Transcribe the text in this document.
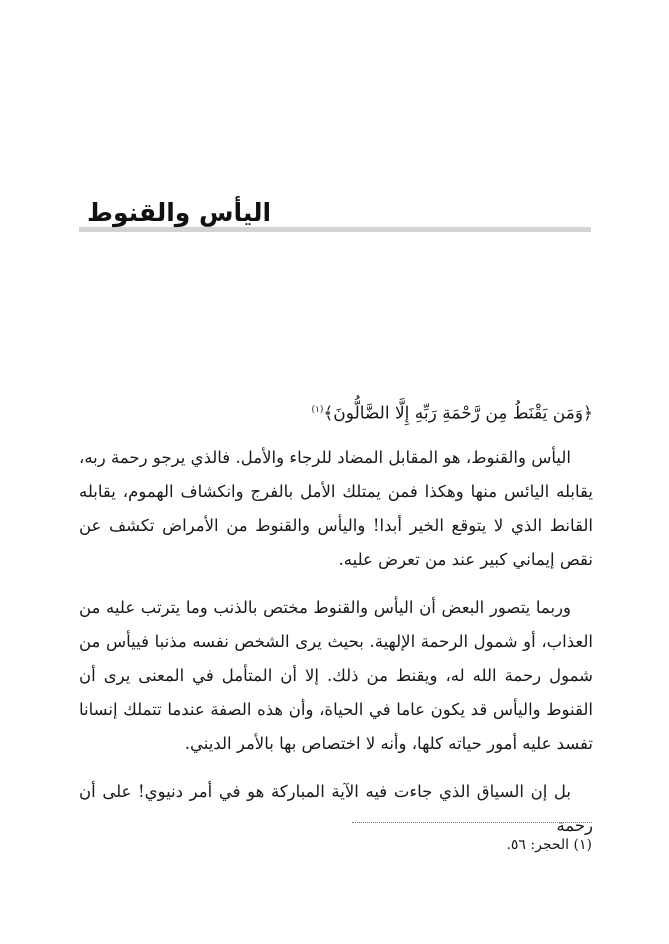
اليأس والقنوط
﴿وَمَن يَقْنَطُ مِن رَّحْمَةِ رَبِّهِ إِلَّا الضَّالُّونَ﴾$^{(١)}$

اليأس والقنوط، هو المقابل المضاد للرجاء والأمل. فالذي يرجو رحمة ربه، يقابله اليائس منها وهكذا فمن يمتلك الأمل بالفرج وانكشاف الهموم، يقابله القانط الذي لا يتوقع الخير أبدا! واليأس والقنوط من الأمراض تكشف عن نقص إيماني كبير عند من تعرض عليه.

وربما يتصور البعض أن اليأس والقنوط مختص بالذنب وما يترتب عليه من العذاب، أو شمول الرحمة الإلهية. بحيث يرى الشخص نفسه مذنبا فييأس من شمول رحمة الله له، ويقنط من ذلك. إلا أن المتأمل في المعنى يرى أن القنوط واليأس قد يكون عاما في الحياة، وأن هذه الصفة عندما تتملك إنسانا تفسد عليه أمور حياته كلها، وأنه لا اختصاص بها بالأمر الديني.

بل إن السياق الذي جاءت فيه الآية المباركة هو في أمر دنيوي! على أن رحمة

(١) الحجر: ٥٦.
